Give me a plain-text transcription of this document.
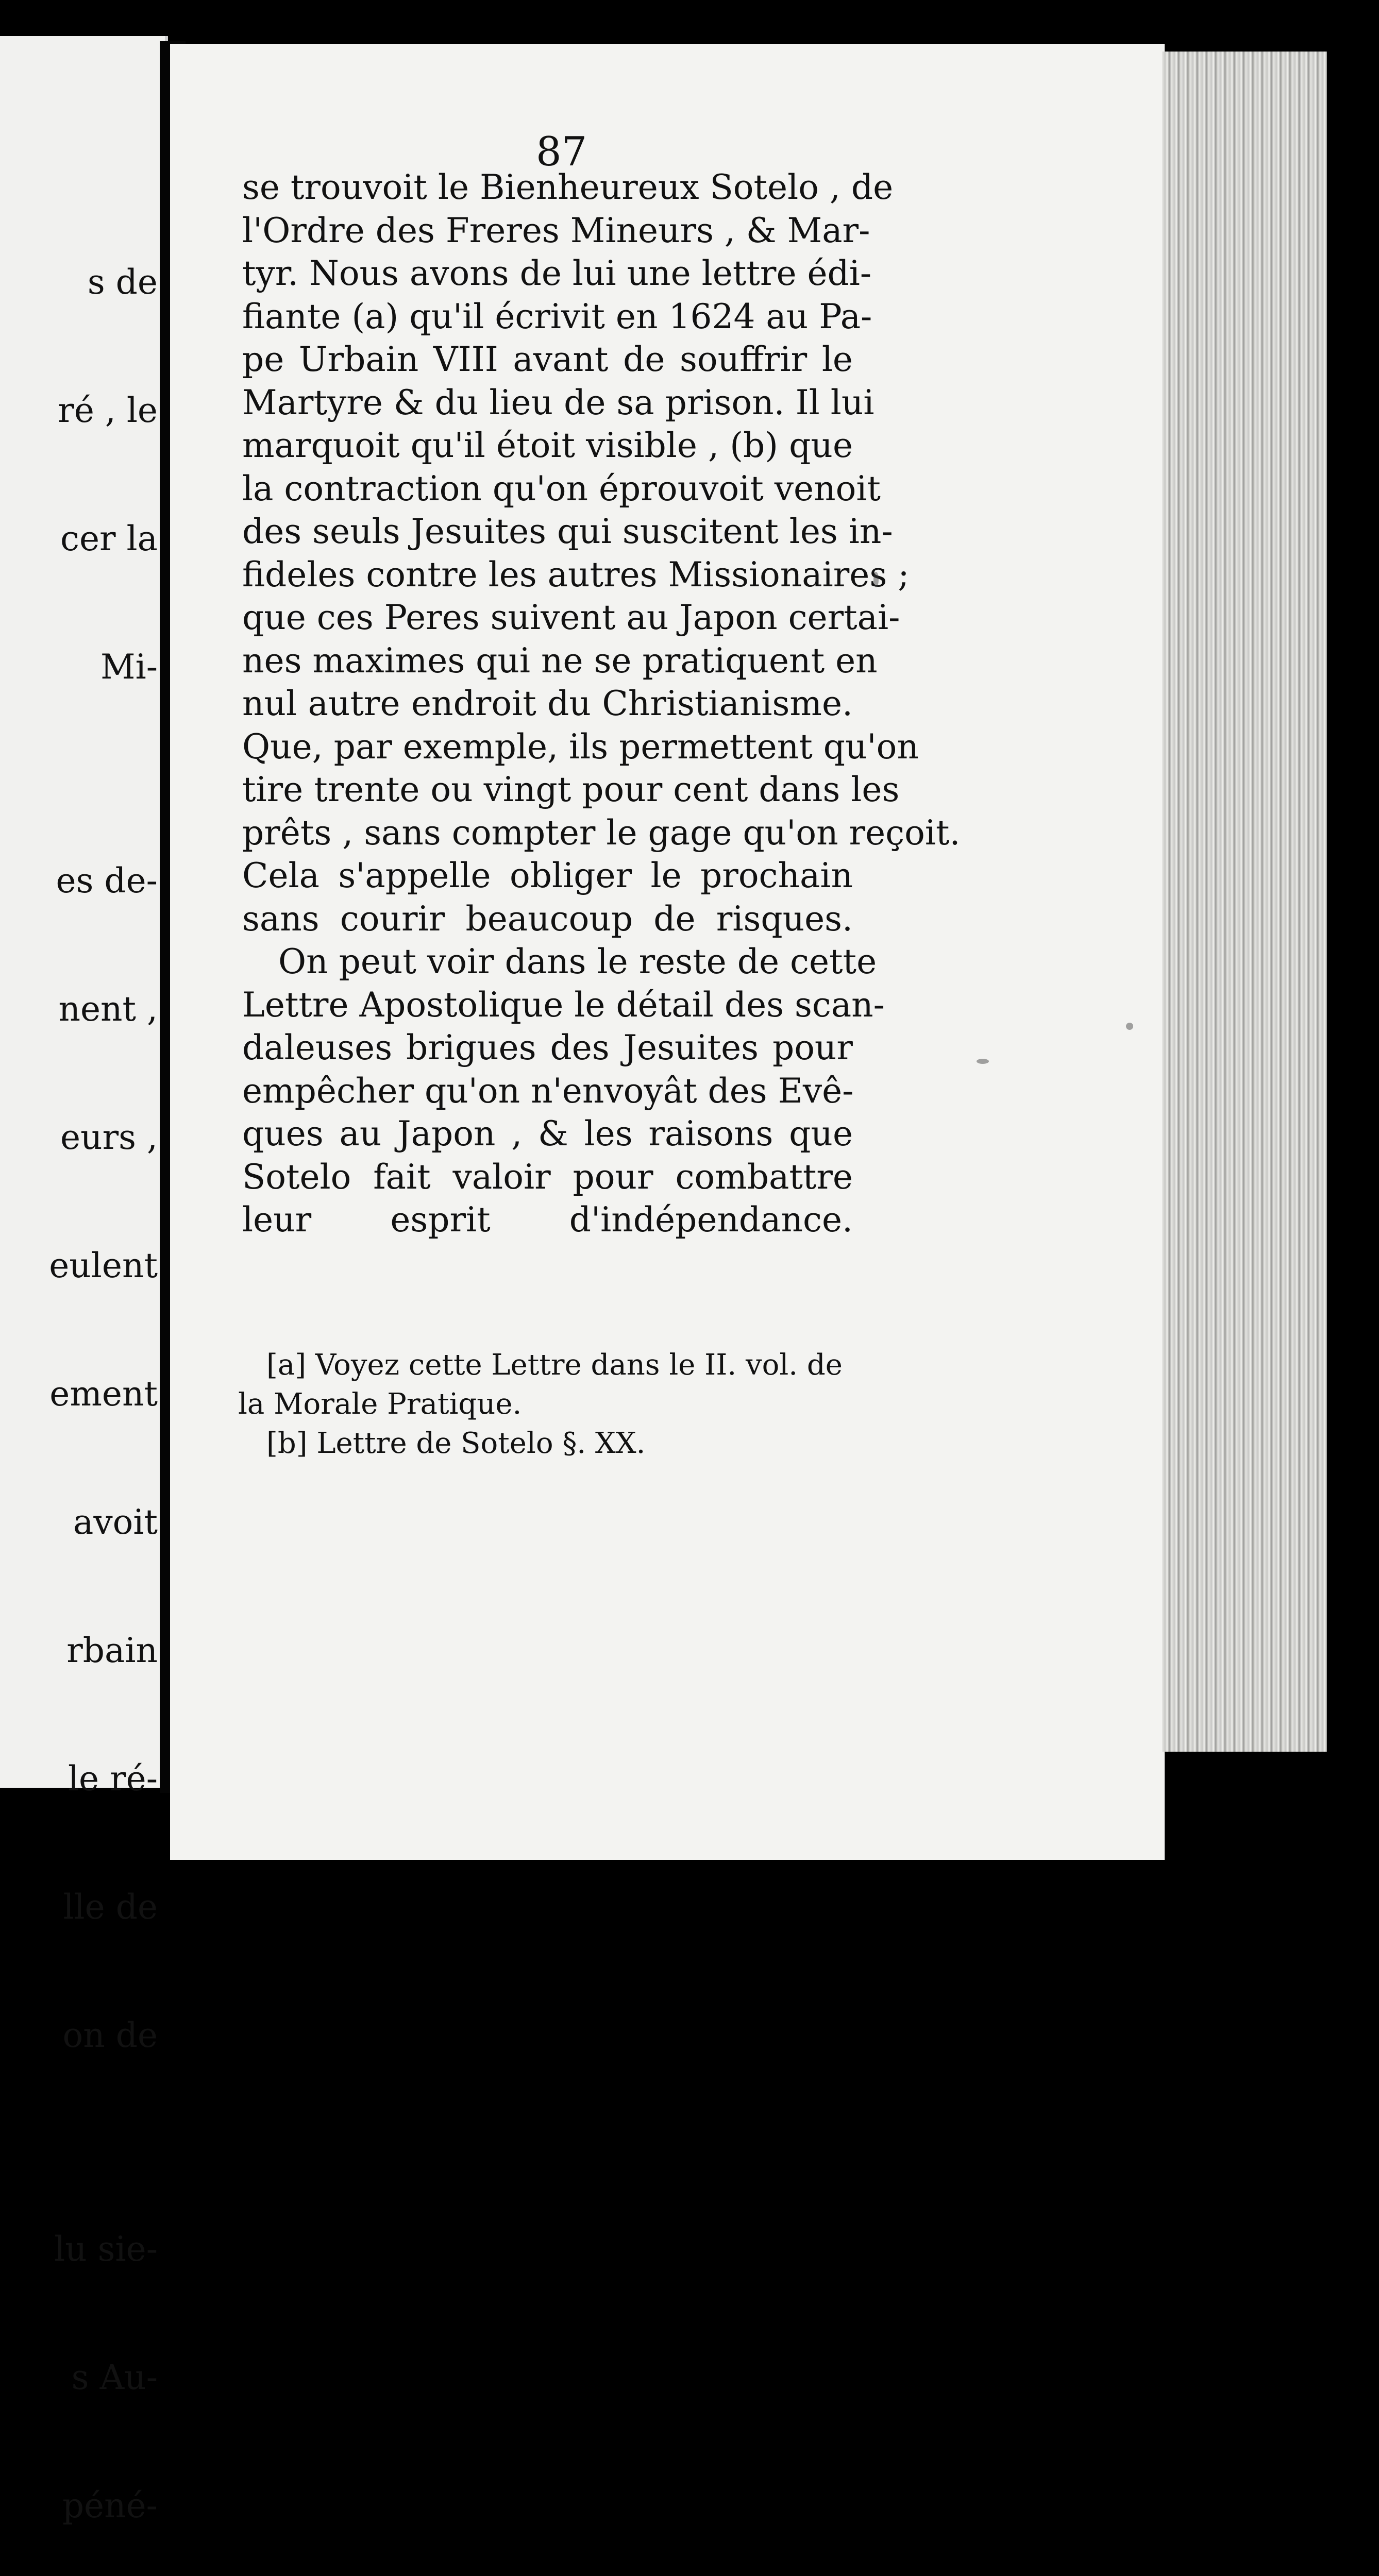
s de

ré , le

cer la

Mi-

es de-

nent ,

eurs ,

eulent

ement

avoit

rbain

le ré-

lle de

on de

lu sie-

s Au-

péné-

87
se trouvoit le Bienheureux Sotelo , de
l'Ordre des Freres Mineurs , & Mar-
tyr. Nous avons de lui une lettre édi-
fiante (a) qu'il écrivit en 1624 au Pa-
pe Urbain VIII avant de souffrir le
Martyre & du lieu de sa prison. Il lui
marquoit qu'il étoit visible , (b) que
la contraction qu'on éprouvoit venoit
des seuls Jesuites qui suscitent les in-
fideles contre les autres Missionaires ;
que ces Peres suivent au Japon certai-
nes maximes qui ne se pratiquent en
nul autre endroit du Christianisme.
Que, par exemple, ils permettent qu'on
tire trente ou vingt pour cent dans les
prêts , sans compter le gage qu'on reçoit.
Cela s'appelle obliger le prochain
sans courir beaucoup de risques.
On peut voir dans le reste de cette
Lettre Apostolique le détail des scan-
daleuses brigues des Jesuites pour
empêcher qu'on n'envoyât des Evê-
ques au Japon , & les raisons que
Sotelo fait valoir pour combattre
leur esprit d'indépendance.
[a] Voyez cette Lettre dans le II. vol. de
la Morale Pratique.
[b] Lettre de Sotelo §. XX.
